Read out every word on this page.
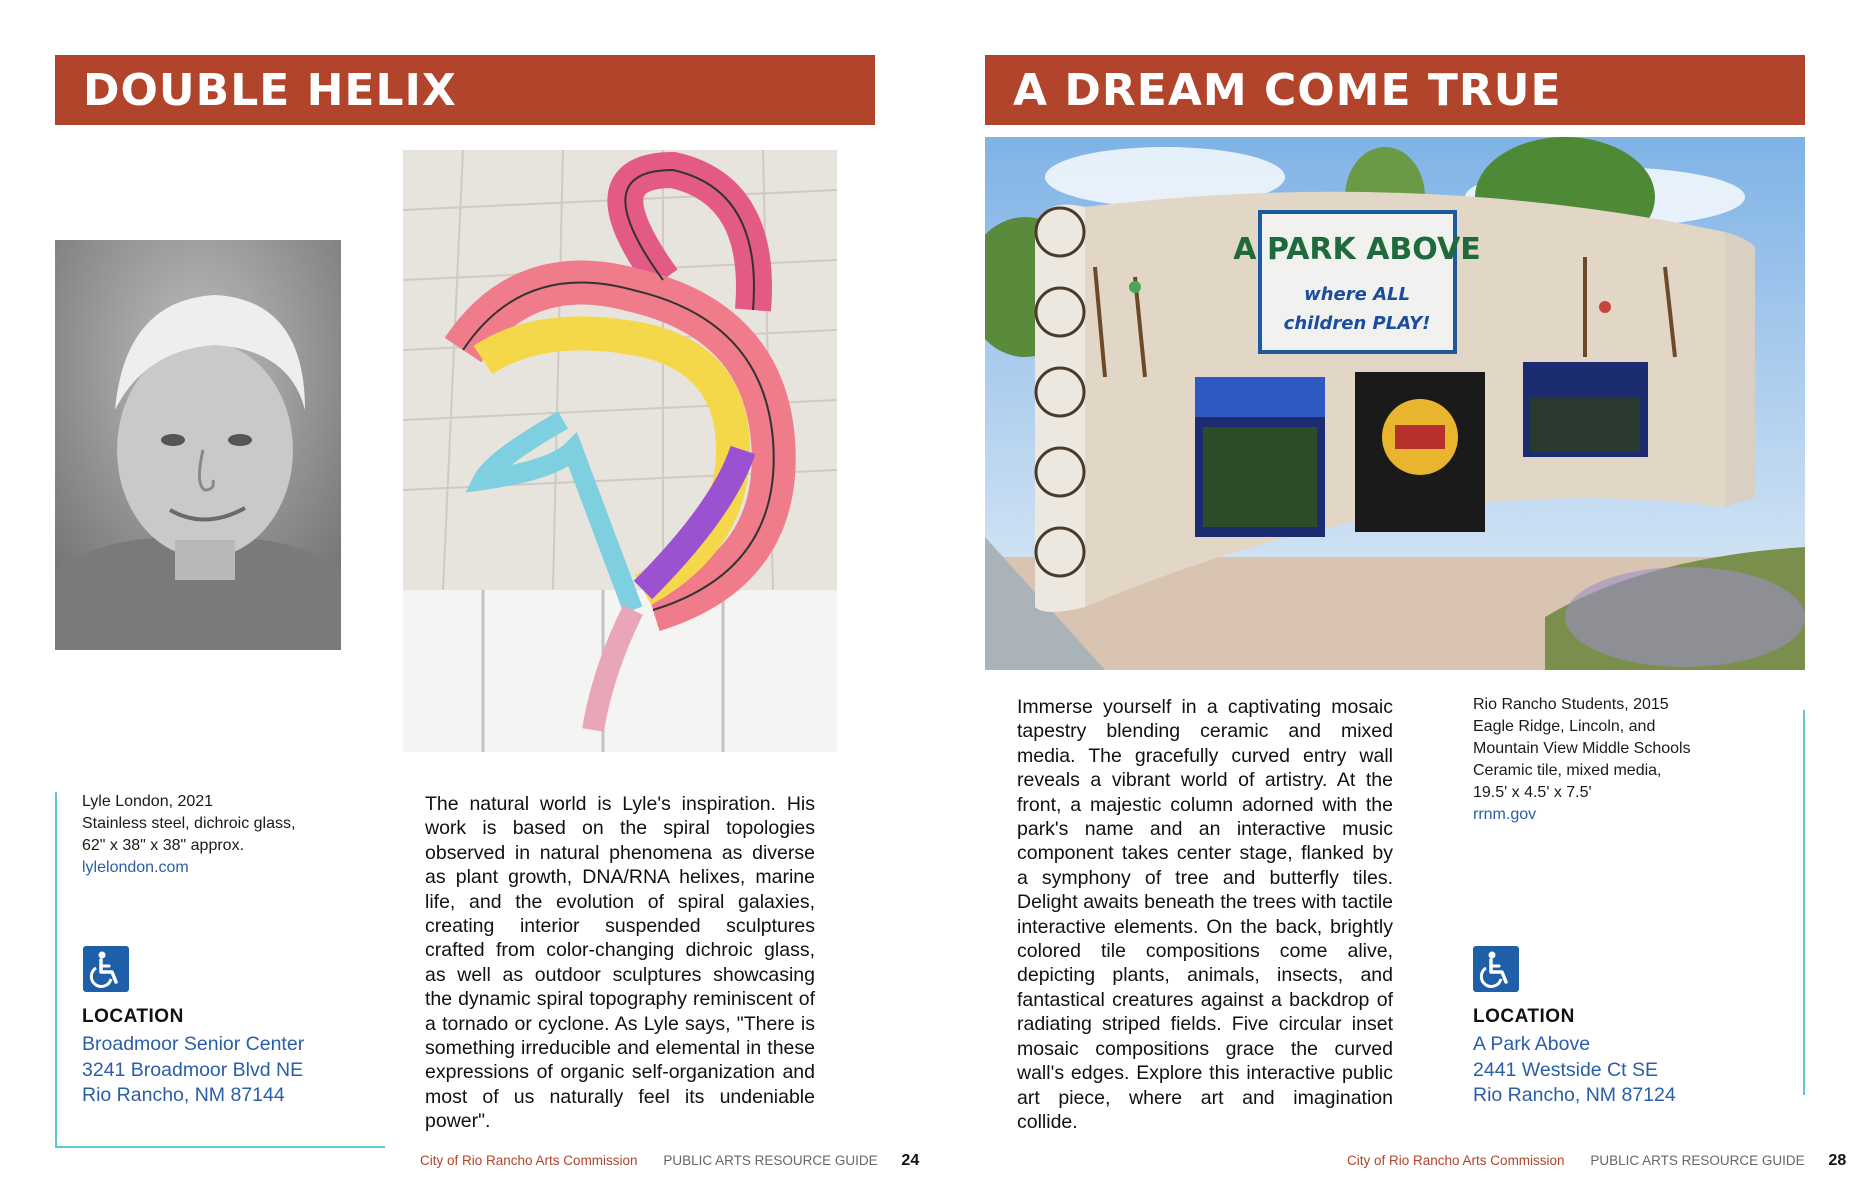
DOUBLE HELIX
Lyle London, 2021
Stainless steel, dichroic glass,
62" x 38" x 38" approx.
lylelondon.com
The natural world is Lyle's inspiration. His work is based on the spiral topologies observed in natural phenomena as diverse as plant growth, DNA/RNA helixes, marine life, and the evolution of spiral galaxies, creating interior suspended sculptures crafted from color-changing dichroic glass, as well as outdoor sculptures showcasing the dynamic spiral topography reminiscent of a tornado or cyclone. As Lyle says, "There is something irreducible and elemental in these expressions of organic self-organization and most of us naturally feel its undeniable power".
LOCATION
Broadmoor Senior Center
3241 Broadmoor Blvd NE
Rio Rancho, NM 87144
City of Rio Rancho Arts Commission PUBLIC ARTS RESOURCE GUIDE 24
A DREAM COME TRUE
A PARK ABOVE
where ALL
children PLAY!
Immerse yourself in a captivating mosaic tapestry blending ceramic and mixed media. The gracefully curved entry wall reveals a vibrant world of artistry. At the front, a majestic column adorned with the park's name and an interactive music component takes center stage, flanked by a symphony of tree and butterfly tiles. Delight awaits beneath the trees with tactile interactive elements. On the back, brightly colored tile compositions come alive, depicting plants, animals, insects, and fantastical creatures against a backdrop of radiating striped fields. Five circular inset mosaic compositions grace the curved wall's edges. Explore this interactive public art piece, where art and imagination collide.
Rio Rancho Students, 2015
Eagle Ridge, Lincoln, and
Mountain View Middle Schools
Ceramic tile, mixed media,
19.5' x 4.5' x 7.5'
rrnm.gov
LOCATION
A Park Above
2441 Westside Ct SE
Rio Rancho, NM 87124
City of Rio Rancho Arts Commission PUBLIC ARTS RESOURCE GUIDE 28
